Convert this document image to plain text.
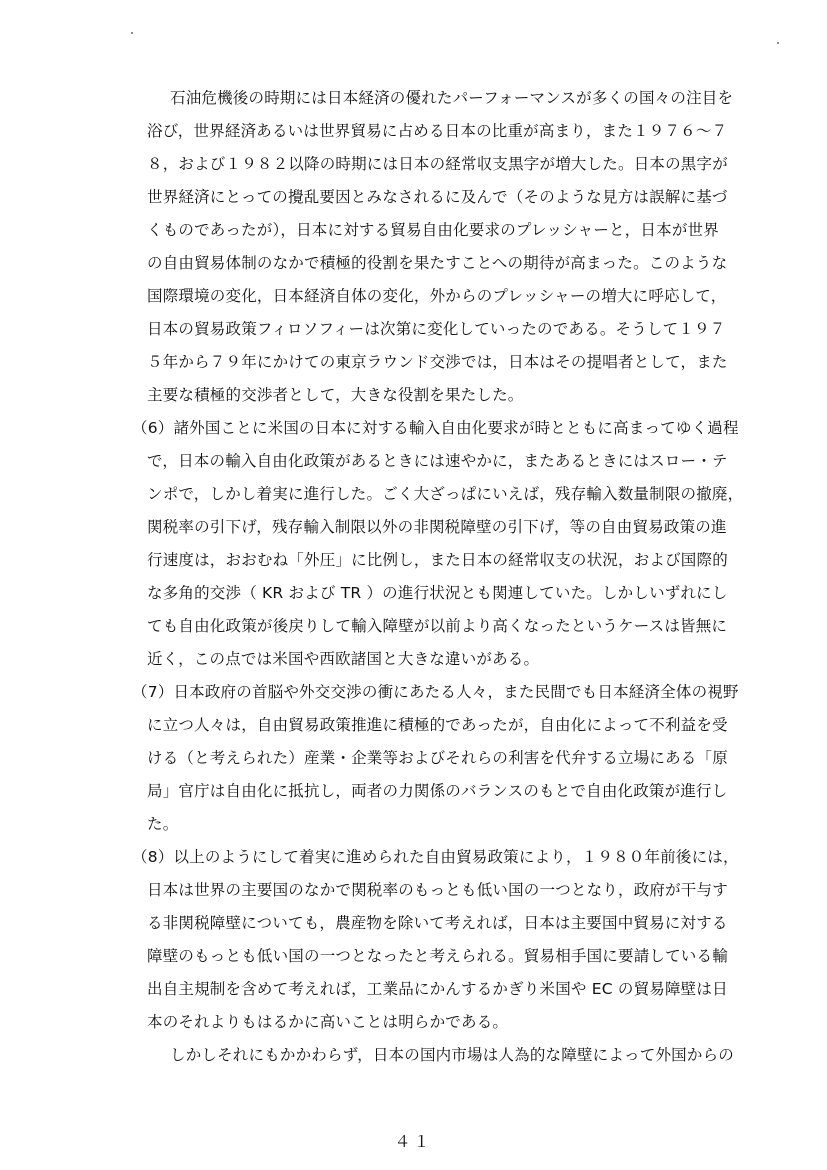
石油危機後の時期には日本経済の優れたパーフォーマンスが多くの国々の注目を
浴び，世界経済あるいは世界貿易に占める日本の比重が高まり，また１９７６～７
８，および１９８２以降の時期には日本の経常収支黒字が増大した。日本の黒字が
世界経済にとっての攪乱要因とみなされるに及んで（そのような見方は誤解に基づ
くものであったが），日本に対する貿易自由化要求のプレッシャーと，日本が世界
の自由貿易体制のなかで積極的役割を果たすことへの期待が高まった。このような
国際環境の変化，日本経済自体の変化，外からのプレッシャーの増大に呼応して，
日本の貿易政策フィロソフィーは次第に変化していったのである。そうして１９７
５年から７９年にかけての東京ラウンド交渉では，日本はその提唱者として，また
主要な積極的交渉者として，大きな役割を果たした。
（6）諸外国ことに米国の日本に対する輸入自由化要求が時とともに高まってゆく過程
で，日本の輸入自由化政策があるときには速やかに，またあるときにはスロー・テ
ンポで，しかし着実に進行した。ごく大ざっぱにいえば，残存輸入数量制限の撤廃，
関税率の引下げ，残存輸入制限以外の非関税障壁の引下げ，等の自由貿易政策の進
行速度は，おおむね「外圧」に比例し，また日本の経常収支の状況，および国際的
な多角的交渉（ KR および TR ）の進行状況とも関連していた。しかしいずれにし
ても自由化政策が後戻りして輸入障壁が以前より高くなったというケースは皆無に
近く，この点では米国や西欧諸国と大きな違いがある。
（7）日本政府の首脳や外交交渉の衝にあたる人々，また民間でも日本経済全体の視野
に立つ人々は，自由貿易政策推進に積極的であったが，自由化によって不利益を受
ける（と考えられた）産業・企業等およびそれらの利害を代弁する立場にある「原
局」官庁は自由化に抵抗し，両者の力関係のバランスのもとで自由化政策が進行し
た。
（8）以上のようにして着実に進められた自由貿易政策により，１９８０年前後には，
日本は世界の主要国のなかで関税率のもっとも低い国の一つとなり，政府が干与す
る非関税障壁についても，農産物を除いて考えれば，日本は主要国中貿易に対する
障壁のもっとも低い国の一つとなったと考えられる。貿易相手国に要請している輸
出自主規制を含めて考えれば，工業品にかんするかぎり米国や EC の貿易障壁は日
本のそれよりもはるかに高いことは明らかである。
しかしそれにもかかわらず，日本の国内市場は人為的な障壁によって外国からの
４１
